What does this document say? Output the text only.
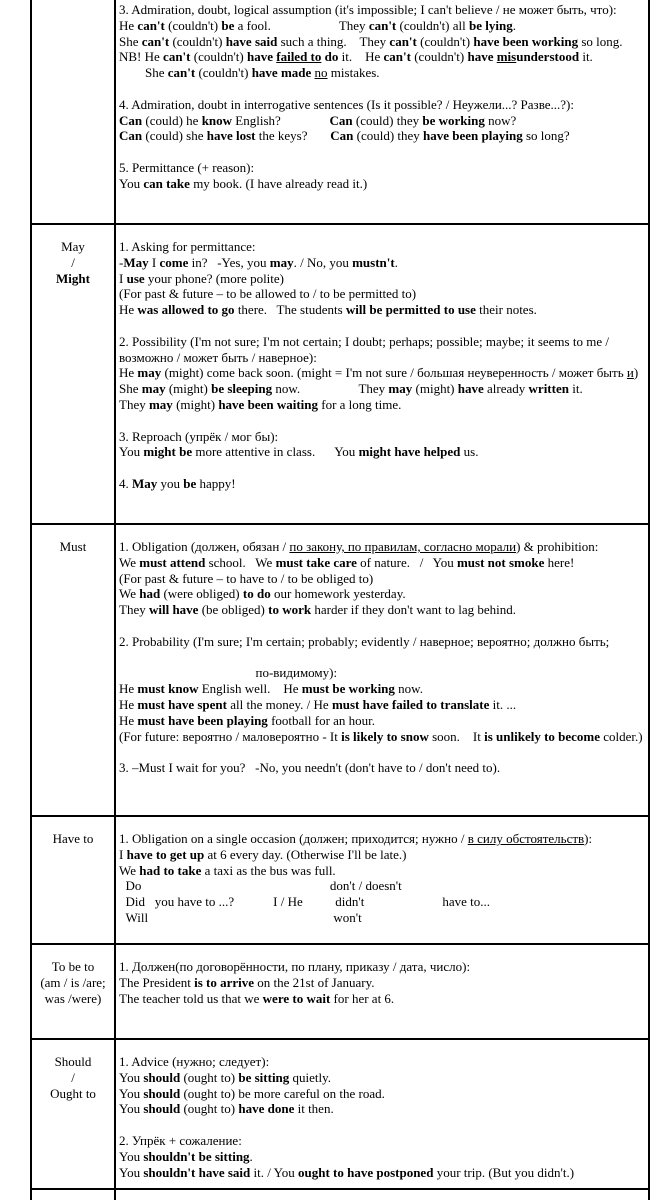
3. Admiration, doubt, logical assumption (it's impossible; I can't believe / не может быть, что):
He can't (couldn't) be a fool.                     They can't (couldn't) all be lying.
She can't (couldn't) have said such a thing.    They can't (couldn't) have been working so long.
NB! He can't (couldn't) have failed to do it.    He can't (couldn't) have misunderstood it.
She can't (couldn't) have made no mistakes.

4. Admiration, doubt in interrogative sentences (Is it possible? / Неужели...? Разве...?):
Can (could) he know English?               Can (could) they be working now?
Can (could) she have lost the keys?       Can (could) they have been playing so long?

5. Permittance (+ reason):
You can take my book. (I have already read it.)
May
/
Might
1. Asking for permittance:
-May I come in?   -Yes, you may. / No, you mustn't.
I use your phone? (more polite)
(For past & future – to be allowed to / to be permitted to)
He was allowed to go there.   The students will be permitted to use their notes.

2. Possibility (I'm not sure; I'm not certain; I doubt; perhaps; possible; maybe; it seems to me / возможно / может быть / наверное):
He may (might) come back soon. (might = I'm not sure / большая неуверенность / может быть и)
She may (might) be sleeping now.                  They may (might) have already written it.
They may (might) have been waiting for a long time.

3. Reproach (упрёк / мог бы):
You might be more attentive in class.      You might have helped us.

4. May you be happy!
Must	1. Obligation (должен, обязан / по закону, по правилам, согласно морали) & prohibition:
We must attend school.   We must take care of nature.   /   You must not smoke here!
(For past & future – to have to / to be obliged to)
We had (were obliged) to do our homework yesterday.
They will have (be obliged) to work harder if they don't want to lag behind.

2. Probability (I'm sure; I'm certain; probably; evidently / наверное; вероятно; должно быть;

по-видимому):
He must know English well.    He must be working now.
He must have spent all the money. / He must have failed to translate it. ...
He must have been playing football for an hour.
(For future: вероятно / маловероятно - It is likely to snow soon.    It is unlikely to become colder.)

3. –Must I wait for you?   -No, you needn't (don't have to / don't need to).
Have to	1. Obligation on a single occasion (должен; приходится; нужно / в силу обстоятельств):
I have to get up at 6 every day. (Otherwise I'll be late.)
We had to take a taxi as the bus was full.
Do                                                          don't / doesn't
Did   you have to ...?            I / He          didn't                        have to...
Will                                                         won't
To be to
(am / is /are;
was /were)
1. Должен(по договорённости, по плану, приказу / дата, число):
The President is to arrive on the 21st of January.
The teacher told us that we were to wait for her at 6.
Should
/
Ought to
1. Advice (нужно; следует):
You should (ought to) be sitting quietly.
You should (ought to) be more careful on the road.
You should (ought to) have done it then.

2. Упрёк + сожаление:
You shouldn't be sitting.
You shouldn't have said it. / You ought to have postponed your trip. (But you didn't.)
